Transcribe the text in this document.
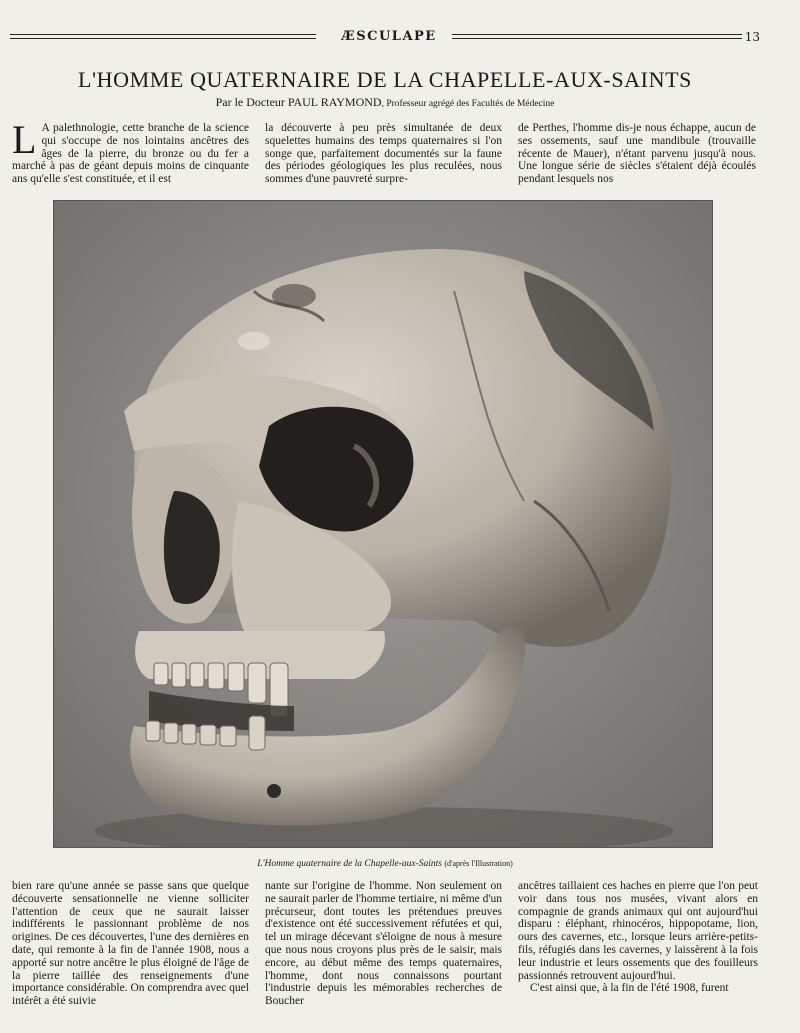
ÆSCULAPE	13
L'HOMME QUATERNAIRE DE LA CHAPELLE-AUX-SAINTS
Par le Docteur PAUL RAYMOND, Professeur agrégé des Facultés de Médecine

L A palethnologie, cette branche de la science qui s'occupe de nos lointains ancêtres des âges de la pierre, du bronze ou du fer a marché à pas de géant depuis moins de cinquante ans qu'elle s'est constituée, et il est

la découverte à peu près simultanée de deux squelettes humains des temps quaternaires si l'on songe que, parfaitement documentés sur la faune des périodes géologiques les plus reculées, nous sommes d'une pauvreté surpre-

de Perthes, l'homme dis-je nous échappe, aucun de ses ossements, sauf une mandibule (trouvaille récente de Mauer), n'étant parvenu jusqu'à nous. Une longue série de siècles s'étaient déjà écoulés pendant lesquels nos

L'Homme quaternaire de la Chapelle-aux-Saints (d'après l'Illustration)

bien rare qu'une année se passe sans que quelque découverte sensationnelle ne vienne solliciter l'attention de ceux que ne saurait laisser indifférents le passionnant problème de nos origines. De ces découvertes, l'une des dernières en date, qui remonte à la fin de l'année 1908, nous a apporté sur notre ancêtre le plus éloigné de l'âge de la pierre taillée des renseignements d'une importance considérable. On comprendra avec quel intérêt a été suivie

nante sur l'origine de l'homme. Non seulement on ne saurait parler de l'homme tertiaire, ni même d'un précurseur, dont toutes les prétendues preuves d'existence ont été successivement réfutées et qui, tel un mirage décevant s'éloigne de nous à mesure que nous nous croyons plus près de le saisir, mais encore, au début même des temps quaternaires, l'homme, dont nous connaissons pourtant l'industrie depuis les mémorables recherches de Boucher

ancêtres taillaient ces haches en pierre que l'on peut voir dans tous nos musées, vivant alors en compagnie de grands animaux qui ont aujourd'hui disparu : éléphant, rhinocéros, hippopotame, lion, ours des cavernes, etc., lorsque leurs arrière-petits-fils, réfugiés dans les cavernes, y laissèrent à la fois leur industrie et leurs ossements que des fouilleurs passionnés retrouvent aujourd'hui.

C'est ainsi que, à la fin de l'été 1908, furent
